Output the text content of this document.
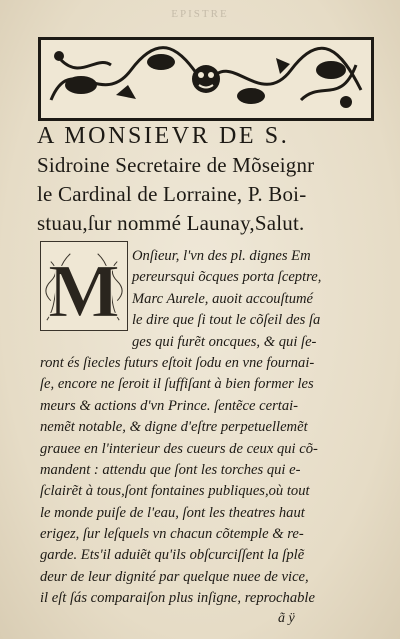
EPISTRE
A MONSIEVR DE S.
Sidroine Secretaire de Mõseignr
le Cardinal de Lorraine, P. Boi-
stuau,ſur nommé Launay,Salut.
M Onſieur, l'vn des pl. dignes Em
pereursqui õcques porta ſceptre,
Marc Aurele, auoit accouſtumé
le dire que ſi tout le cõſeil des ſa
ges qui furẽt oncques, & qui ſe-
ront és ſiecles futurs eſtoit ſodu en vne fournai-
ſe, encore ne ſeroit il ſuffiſant à bien former les
meurs & actions d'vn Prince. ſentẽce certai-
nemẽt notable, & digne d'eſtre perpetuellemẽt
grauee en l'interieur des cueurs de ceux qui cõ-
mandent : attendu que ſont les torches qui e-
ſclairẽt à tous,ſont fontaines publiques,où tout
le monde puiſe de l'eau, ſont les theatres haut
erigez, ſur leſquels vn chacun cõtemple & re-
garde. Ets'il aduiẽt qu'ils obſcurciſſent la ſplẽ
deur de leur dignité par quelque nuee de vice,
il eſt ſás comparaiſon plus inſigne, reprochable
ã ÿ
